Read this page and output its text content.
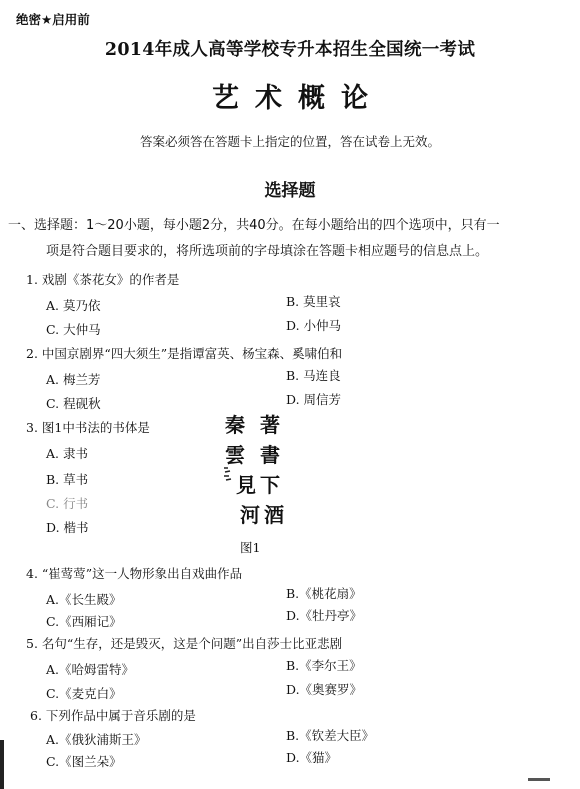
绝密★启用前
2014年成人高等学校专升本招生全国统一考试
艺术概论
答案必须答在答题卡上指定的位置，答在试卷上无效。
选择题
一、选择题：1～20小题，每小题2分，共40分。在每小题给出的四个选项中，只有一
项是符合题目要求的，将所选项前的字母填涂在答题卡相应题号的信息点上。
1. 戏剧《茶花女》的作者是
A. 莫乃依	B. 莫里哀
C. 大仲马	D. 小仲马
2. 中国京剧界“四大须生”是指谭富英、杨宝森、奚啸伯和
A. 梅兰芳	B. 马连良
C. 程砚秋	D. 周信芳
3. 图1中书法的书体是
A. 隶书
B. 草书
C. 行书
D. 楷书
秦
雲
著
書
下
見
河 酒
图1
4. “崔莺莺”这一人物形象出自戏曲作品
A.《长生殿》	B.《桃花扇》
C.《西厢记》	D.《牡丹亭》
5. 名句“生存，还是毁灭，这是个问题”出自莎士比亚悲剧
A.《哈姆雷特》	B.《李尔王》
C.《麦克白》	D.《奥赛罗》
6. 下列作品中属于音乐剧的是
A.《俄狄浦斯王》	B.《钦差大臣》
C.《图兰朵》	D.《猫》
